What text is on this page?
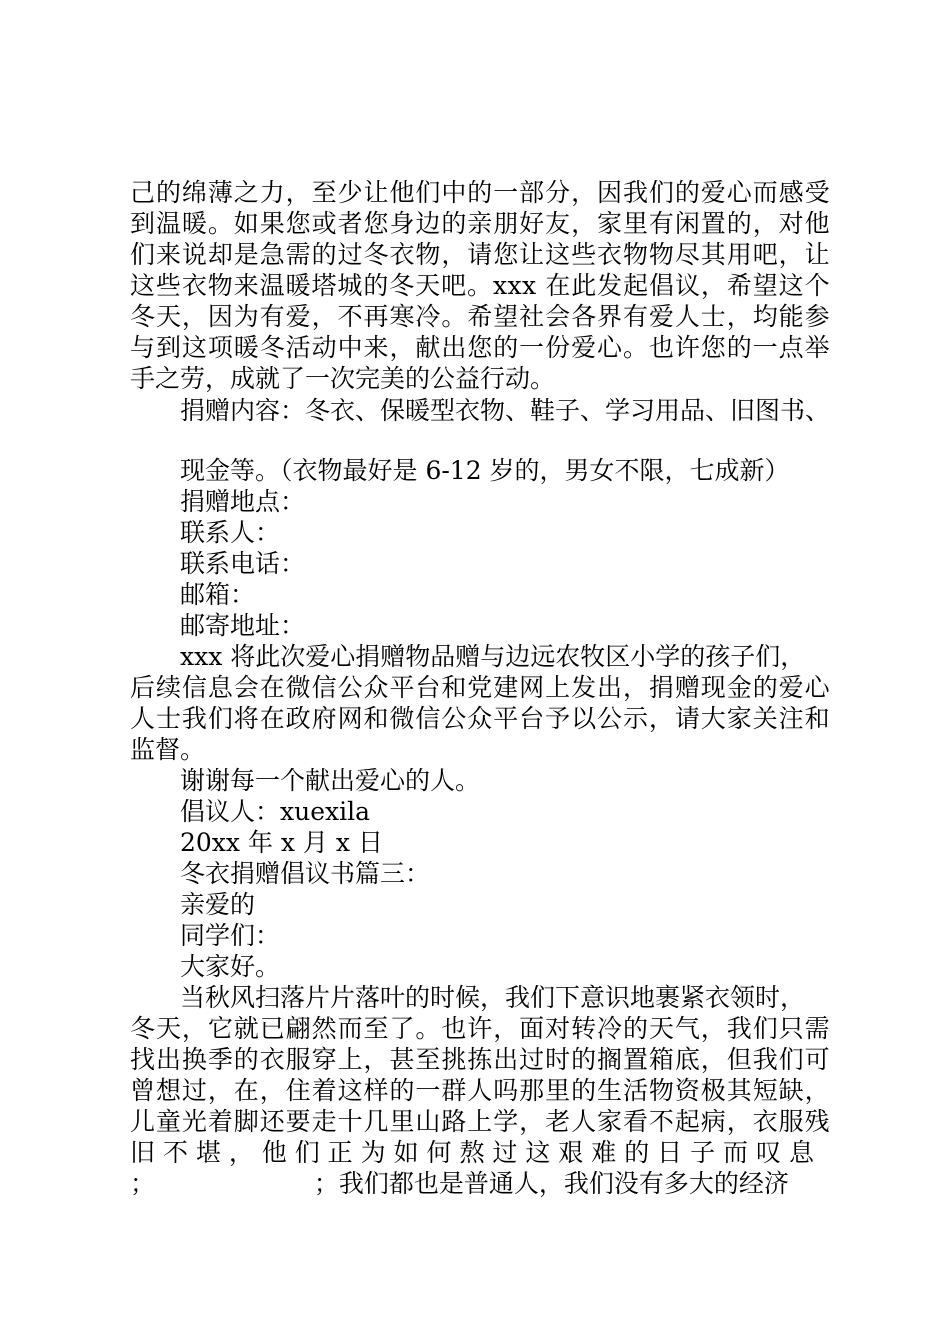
己的绵薄之力，至少让他们中的一部分，因我们的爱心而感受
到温暖。如果您或者您身边的亲朋好友，家里有闲置的，对他
们来说却是急需的过冬衣物，请您让这些衣物物尽其用吧，让
这些衣物来温暖塔城的冬天吧。xxx 在此发起倡议，希望这个
冬天，因为有爱，不再寒冷。希望社会各界有爱人士，均能参
与到这项暖冬活动中来，献出您的一份爱心。也许您的一点举
手之劳，成就了一次完美的公益行动。
捐赠内容：冬衣、保暖型衣物、鞋子、学习用品、旧图书、
现金等。（衣物最好是 6-12 岁的，男女不限，七成新）
捐赠地点：
联系人：
联系电话：
邮箱：
邮寄地址：
xxx 将此次爱心捐赠物品赠与边远农牧区小学的孩子们，
后续信息会在微信公众平台和党建网上发出，捐赠现金的爱心
人士我们将在政府网和微信公众平台予以公示，请大家关注和
监督。
谢谢每一个献出爱心的人。
倡议人：xuexila
20xx 年 x 月 x 日
冬衣捐赠倡议书篇三：
亲爱的
同学们：
大家好。
当秋风扫落片片落叶的时候，我们下意识地裹紧衣领时，
冬天，它就已翩然而至了。也许，面对转冷的天气，我们只需
找出换季的衣服穿上，甚至挑拣出过时的搁置箱底，但我们可
曾想过，在，住着这样的一群人吗那里的生活物资极其短缺，
儿童光着脚还要走十几里山路上学，老人家看不起病，衣服残
旧 不 堪 ， 他 们 正 为 如 何 熬 过 这 艰 难 的 日 子 而 叹 息
；                    ；我们都也是普通人，我们没有多大的经济
